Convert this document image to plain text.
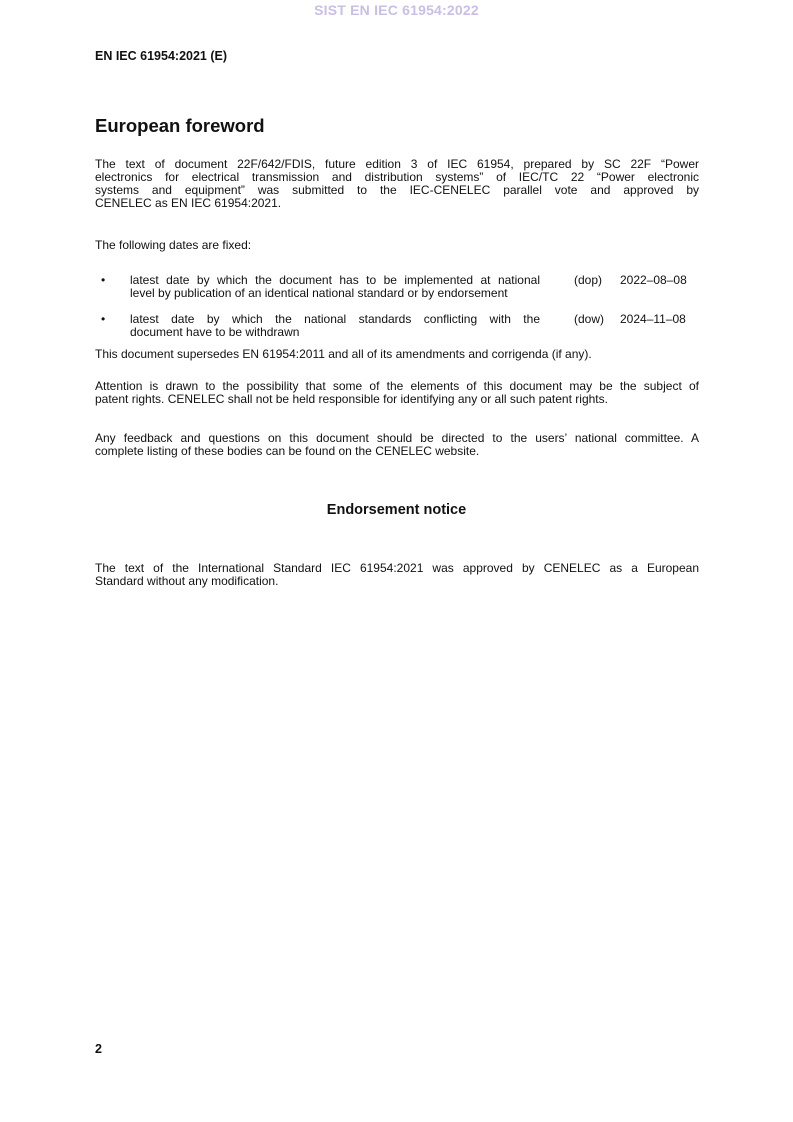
SIST EN IEC 61954:2022
EN IEC 61954:2021 (E)
European foreword
The text of document 22F/642/FDIS, future edition 3 of IEC 61954, prepared by SC 22F “Power
electronics for electrical transmission and distribution systems” of IEC/TC 22 “Power electronic
systems and equipment” was submitted to the IEC-CENELEC parallel vote and approved by
CENELEC as EN IEC 61954:2021.
The following dates are fixed:
• latest date by which the document has to be implemented at national
level by publication of an identical national standard or by endorsement
(dop) 2022–08–08
• latest date by which the national standards conflicting with the
document have to be withdrawn
(dow) 2024–11–08
This document supersedes EN 61954:2011 and all of its amendments and corrigenda (if any).
Attention is drawn to the possibility that some of the elements of this document may be the subject of
patent rights. CENELEC shall not be held responsible for identifying any or all such patent rights.
Any feedback and questions on this document should be directed to the users’ national committee. A
complete listing of these bodies can be found on the CENELEC website.
Endorsement notice
The text of the International Standard IEC 61954:2021 was approved by CENELEC as a European
Standard without any modification.
2
